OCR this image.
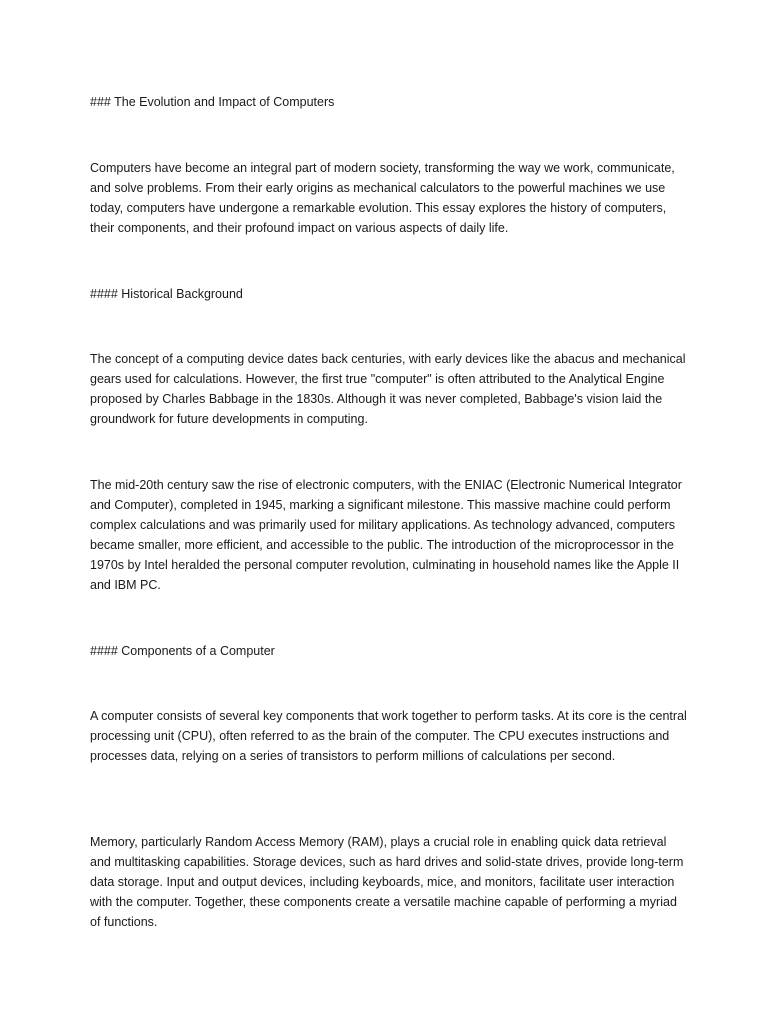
### The Evolution and Impact of Computers

Computers have become an integral part of modern society, transforming the way we work, communicate, and solve problems. From their early origins as mechanical calculators to the powerful machines we use today, computers have undergone a remarkable evolution. This essay explores the history of computers, their components, and their profound impact on various aspects of daily life.

#### Historical Background

The concept of a computing device dates back centuries, with early devices like the abacus and mechanical gears used for calculations. However, the first true "computer" is often attributed to the Analytical Engine proposed by Charles Babbage in the 1830s. Although it was never completed, Babbage's vision laid the groundwork for future developments in computing.

The mid-20th century saw the rise of electronic computers, with the ENIAC (Electronic Numerical Integrator and Computer), completed in 1945, marking a significant milestone. This massive machine could perform complex calculations and was primarily used for military applications. As technology advanced, computers became smaller, more efficient, and accessible to the public. The introduction of the microprocessor in the 1970s by Intel heralded the personal computer revolution, culminating in household names like the Apple II and IBM PC.

#### Components of a Computer

A computer consists of several key components that work together to perform tasks. At its core is the central processing unit (CPU), often referred to as the brain of the computer. The CPU executes instructions and processes data, relying on a series of transistors to perform millions of calculations per second.

Memory, particularly Random Access Memory (RAM), plays a crucial role in enabling quick data retrieval and multitasking capabilities. Storage devices, such as hard drives and solid-state drives, provide long-term data storage. Input and output devices, including keyboards, mice, and monitors, facilitate user interaction with the computer. Together, these components create a versatile machine capable of performing a myriad of functions.
